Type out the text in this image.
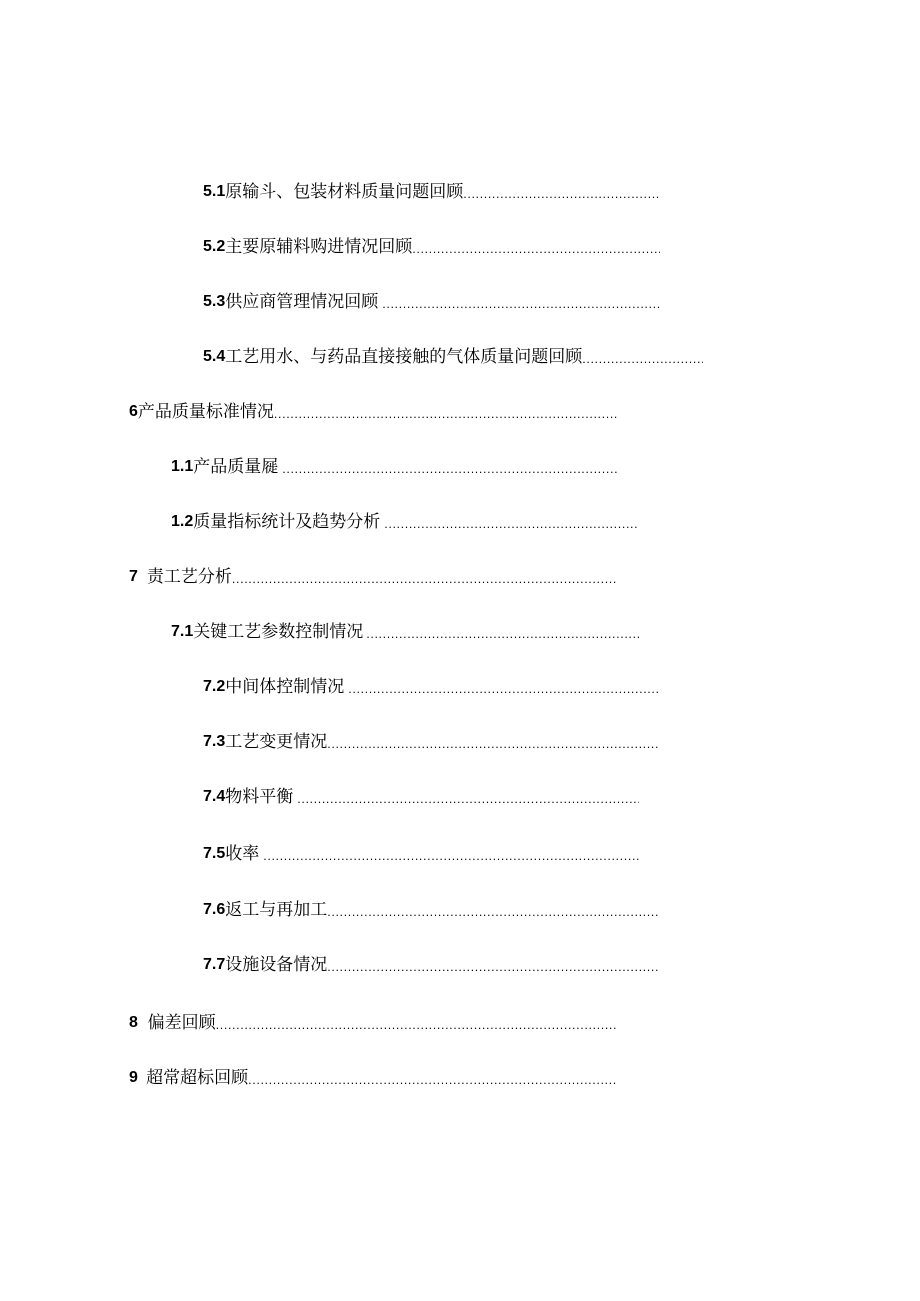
5.1 原输斗、包装材料质量问题回顾
.....
5.2 主要原辅料购进情况回顾
.....
5.3 供应商管理情况回顾
.....
5.4 工艺用水、与药品直接接触的气体质量问题回顾
.....
6 产品质量标准情况
.....
1.1 产品质量屣
.....
1.2 质量指标统计及趋势分析
.....
7 责工艺分析
.....
7.1 关键工艺参数控制情况
.....
7.2 中间体控制情况
.....
7.3 工艺变更情况
.....
7.4 物料平衡
.....
7.5 收率
.....
7.6 返工与再加工
.....
7.7 设施设备情况
.....
8 偏差回顾
.....
9 超常超标回顾
.....
